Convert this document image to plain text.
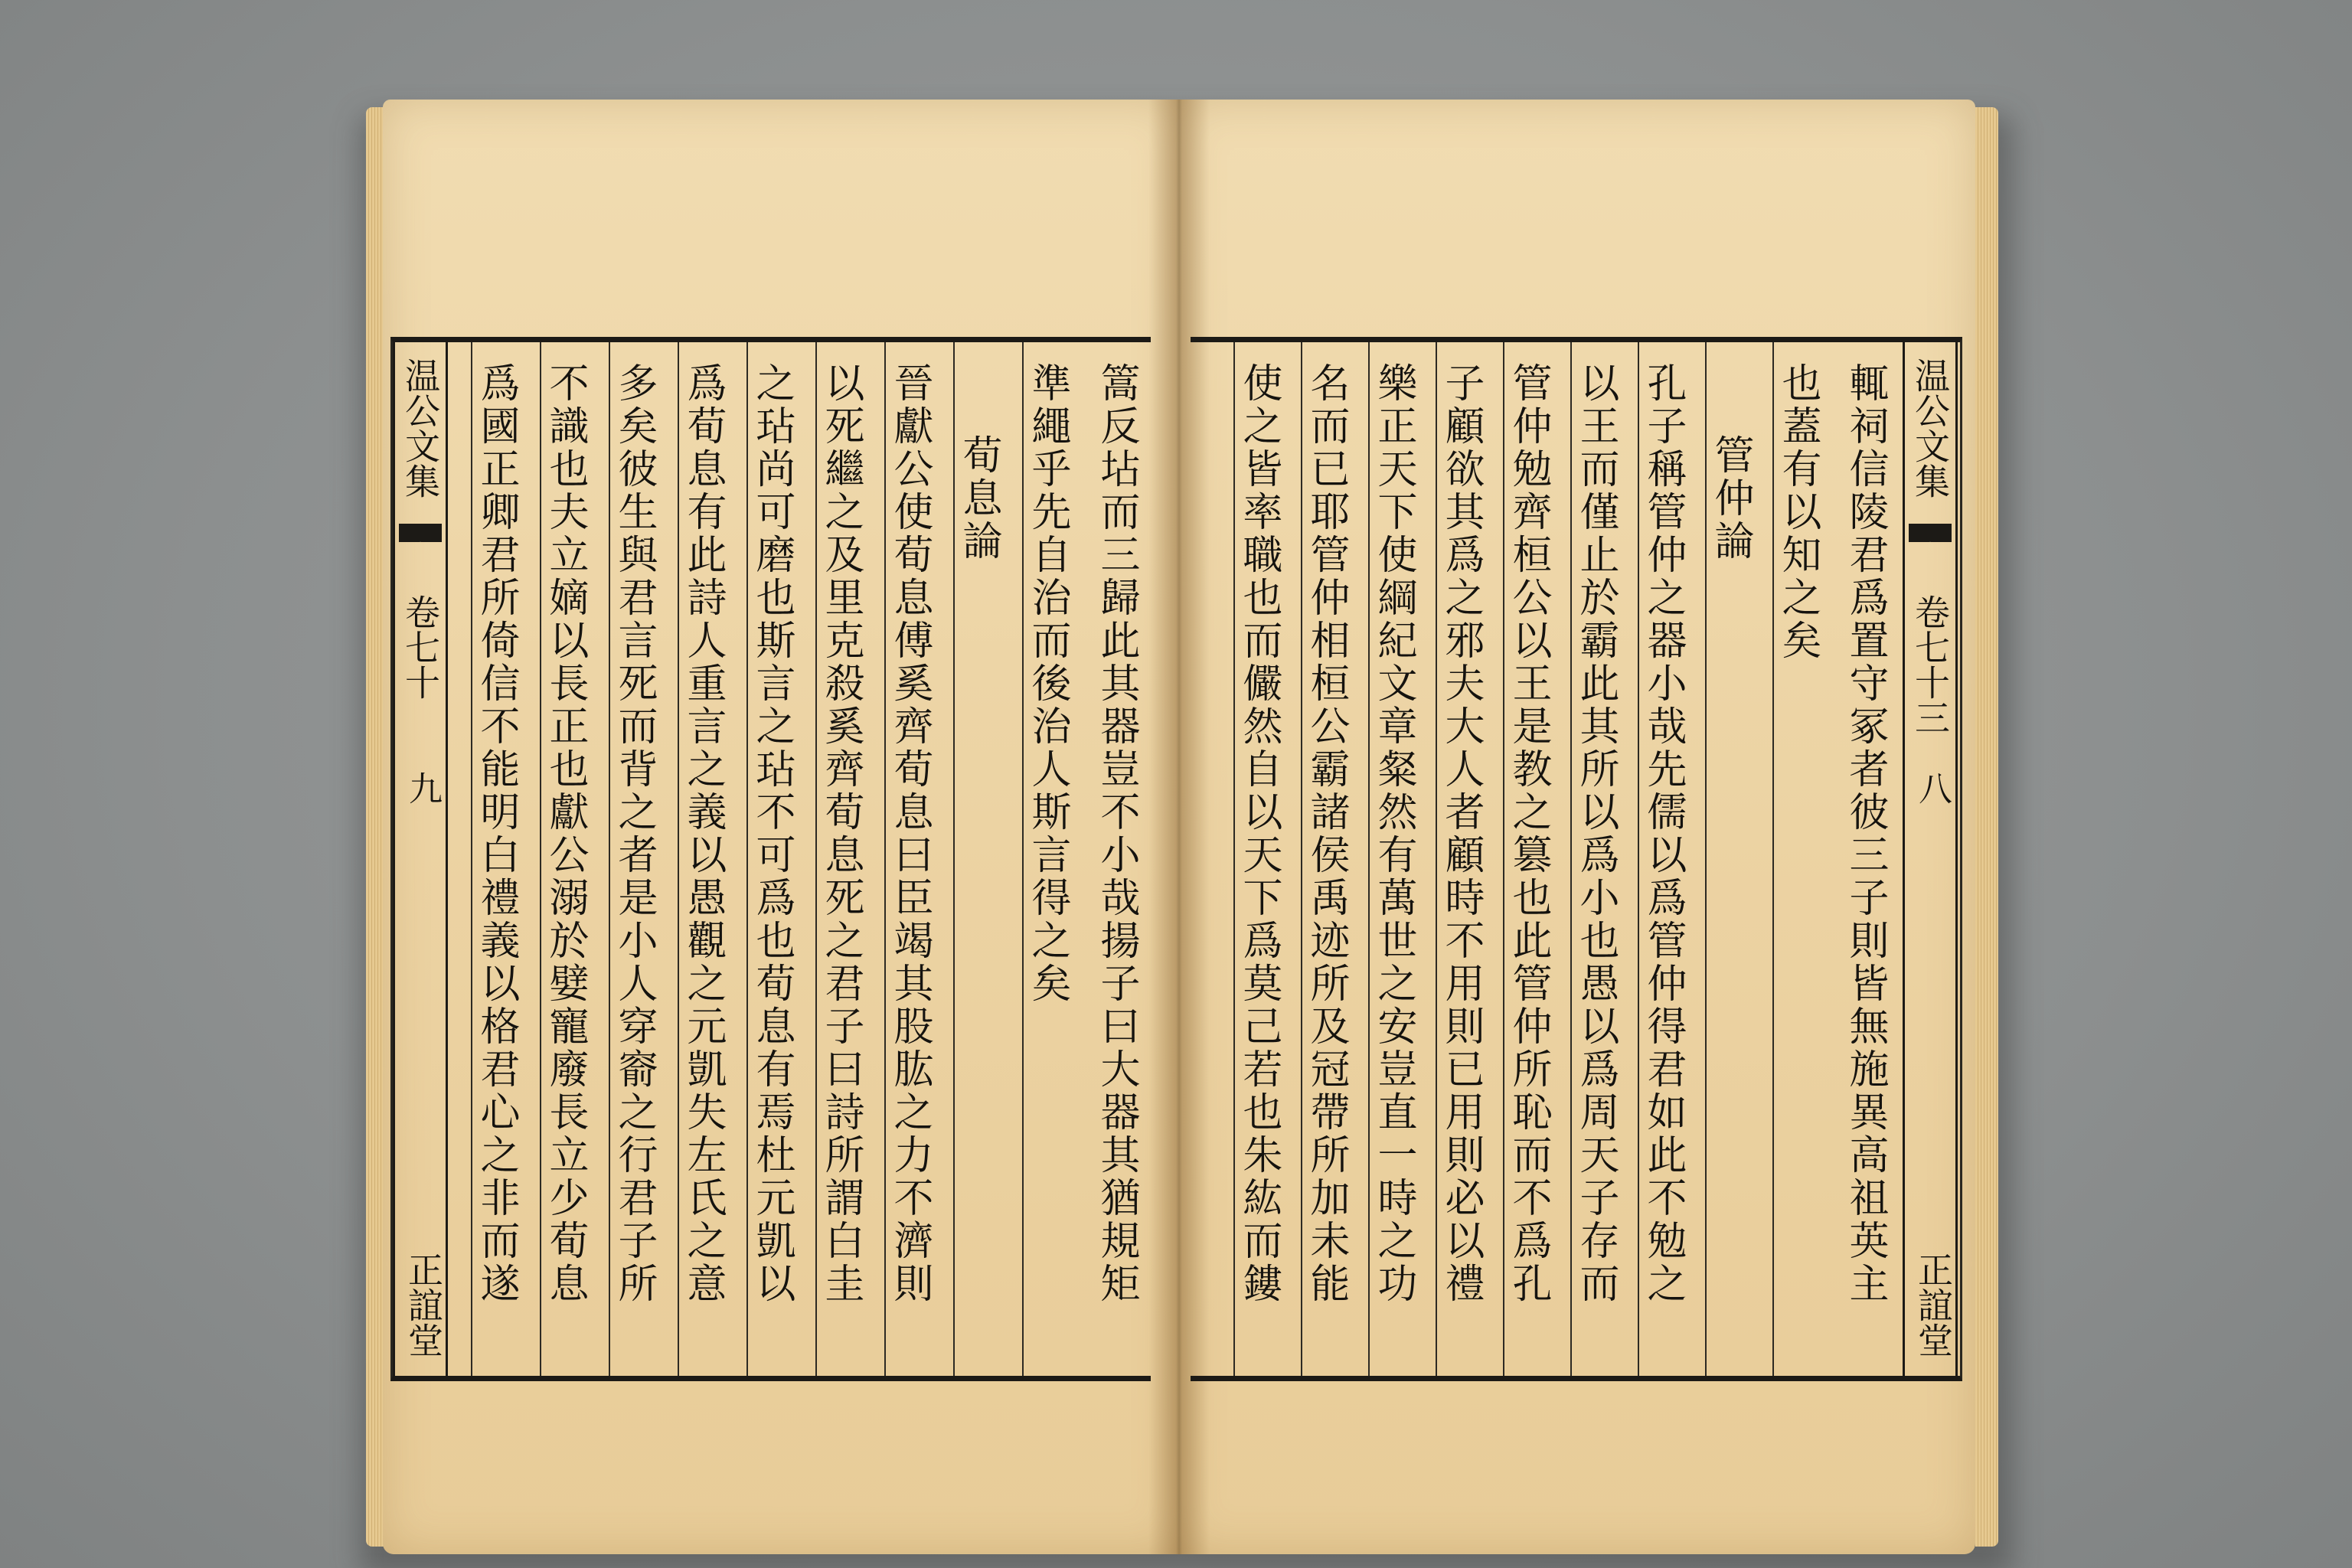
温公文集  卷七十
九
正誼堂	篙反坫而三歸此其器豈不小哉揚子曰大器其猶規矩
準繩乎先自治而後治人斯言得之矣
荀息論
晉獻公使荀息傅奚齊荀息曰臣竭其股肱之力不濟則
以死繼之及里克殺奚齊荀息死之君子曰詩所謂白圭
之玷尚可磨也斯言之玷不可爲也荀息有焉杜元凱以
爲荀息有此詩人重言之義以愚觀之元凱失左氏之意
多矣彼生與君言死而背之者是小人穿窬之行君子所
不識也夫立嫡以長正也獻公溺於嬖寵廢長立少荀息
爲國正卿君所倚信不能明白禮義以格君心之非而遂	温公文集  卷七十三
八
正誼堂
輒祠信陵君爲置守冢者彼三子則皆無施異高祖英主
也蓋有以知之矣
管仲論
孔子稱管仲之器小哉先儒以爲管仲得君如此不勉之
以王而僅止於霸此其所以爲小也愚以爲周天子存而
管仲勉齊桓公以王是教之篡也此管仲所恥而不爲孔
子顧欲其爲之邪夫大人者顧時不用則已用則必以禮
樂正天下使綱紀文章粲然有萬世之安豈直一時之功
名而已耶管仲相桓公霸諸侯禹迹所及冠帶所加未能
使之皆率職也而儼然自以天下爲莫己若也朱紘而鏤
